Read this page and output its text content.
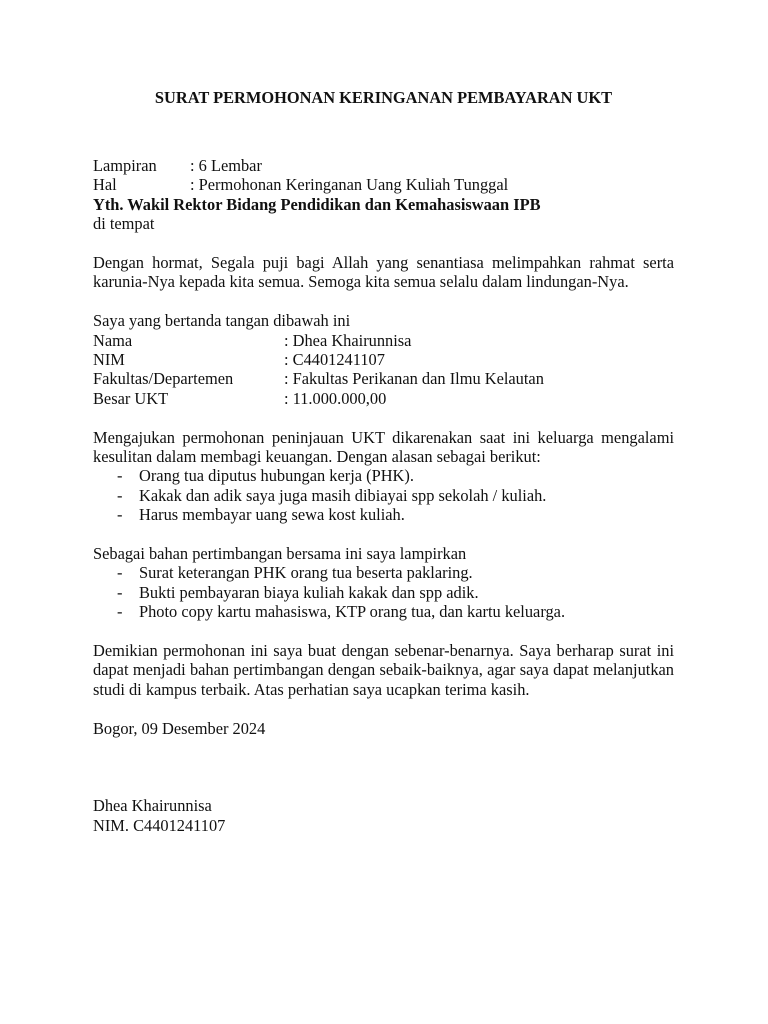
SURAT PERMOHONAN KERINGANAN PEMBAYARAN UKT
Lampiran	: 6 Lembar
Hal	: Permohonan Keringanan Uang Kuliah Tunggal
Yth. Wakil Rektor Bidang Pendidikan dan Kemahasiswaan IPB
di tempat

Dengan hormat, Segala puji bagi Allah yang senantiasa melimpahkan rahmat serta karunia-Nya kepada kita semua. Semoga kita semua selalu dalam lindungan-Nya.

Saya yang bertanda tangan dibawah ini
Nama	: Dhea Khairunnisa
NIM	: C4401241107
Fakultas/Departemen	: Fakultas Perikanan dan Ilmu Kelautan
Besar UKT	: 11.000.000,00

Mengajukan permohonan peninjauan UKT dikarenakan saat ini keluarga mengalami kesulitan dalam membagi keuangan. Dengan alasan sebagai berikut:

-	Orang tua diputus hubungan kerja (PHK).
-	Kakak dan adik saya juga masih dibiayai spp sekolah / kuliah.
-	Harus membayar uang sewa kost kuliah.
Sebagai bahan pertimbangan bersama ini saya lampirkan
-	Surat keterangan PHK orang tua beserta paklaring.
-	Bukti pembayaran biaya kuliah kakak dan spp adik.
-	Photo copy kartu mahasiswa, KTP orang tua, dan kartu keluarga.

Demikian permohonan ini saya buat dengan sebenar-benarnya. Saya berharap surat ini dapat menjadi bahan pertimbangan dengan sebaik-baiknya, agar saya dapat melanjutkan studi di kampus terbaik. Atas perhatian saya ucapkan terima kasih.

Bogor, 09 Desember 2024
Dhea Khairunnisa
NIM. C4401241107
